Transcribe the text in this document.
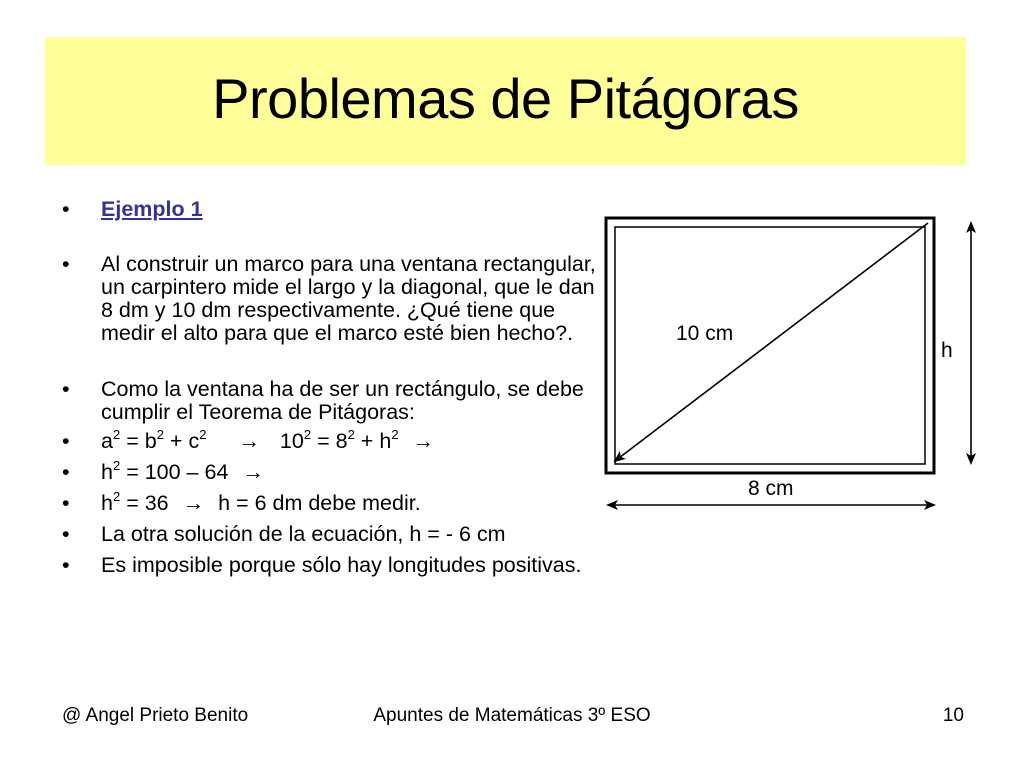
Problemas de Pitágoras
• Ejemplo 1
• Al construir un marco para una ventana rectangular, un carpintero mide el largo y la diagonal, que le dan 8 dm y 10 dm respectivamente. ¿Qué tiene que medir el alto para que el marco esté bien hecho?.
• Como la ventana ha de ser un rectángulo, se debe cumplir el Teorema de Pitágoras:
• $a^2 = b^2 + c^2 \to 10^2 = 8^2 + h^2$ →
• $h^2 = 100 - 64$ →
• $h^2 = 36 \to h = 6$ dm debe medir.
• La otra solución de la ecuación, h = - 6 cm
• Es imposible porque sólo hay longitudes positivas.
10 cm
h
8 cm
@ Angel Prieto Benito	Apuntes de Matemáticas 3º ESO	10
